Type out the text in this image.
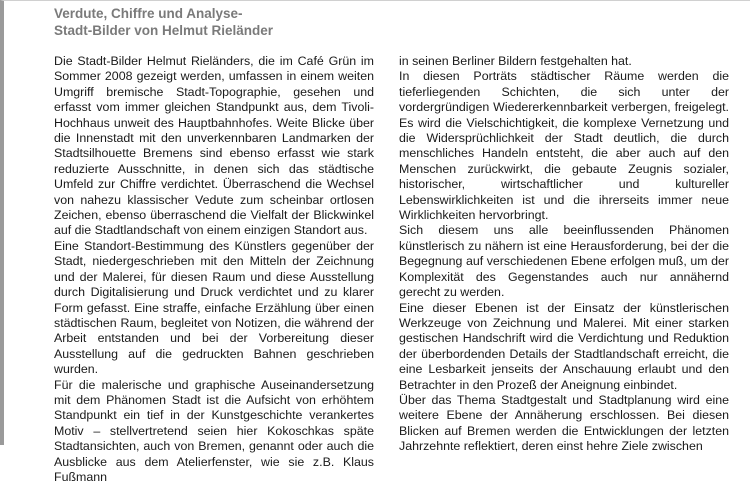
Verdute, Chiffre und Analyse-
Stadt-Bilder von Helmut Rieländer

Die Stadt-Bilder Helmut Rieländers, die im Café Grün im Sommer 2008 gezeigt werden, umfassen in einem weiten Umgriff bremische Stadt-Topographie, gesehen und erfasst vom immer gleichen Standpunkt aus, dem Tivoli-Hochhaus unweit des Hauptbahnhofes. Weite Blicke über die Innenstadt mit den unverkennbaren Landmarken der Stadtsilhouette Bremens sind ebenso erfasst wie stark reduzierte Ausschnitte, in denen sich das städtische Umfeld zur Chiffre verdichtet. Überraschend die Wechsel von nahezu klassischer Vedute zum scheinbar ortlosen Zeichen, ebenso überraschend die Vielfalt der Blickwinkel auf die Stadtlandschaft von einem einzigen Standort aus.

Eine Standort-Bestimmung des Künstlers gegenüber der Stadt, niedergeschrieben mit den Mitteln der Zeichnung und der Malerei, für diesen Raum und diese Ausstellung durch Digitalisierung und Druck verdichtet und zu klarer Form gefasst. Eine straffe, einfache Erzählung über einen städtischen Raum, begleitet von Notizen, die während der Arbeit entstanden und bei der Vorbereitung dieser Ausstellung auf die gedruckten Bahnen geschrieben wurden.

Für die malerische und graphische Auseinandersetzung mit dem Phänomen Stadt ist die Aufsicht von erhöhtem Standpunkt ein tief in der Kunstgeschichte verankertes Motiv – stellvertretend seien hier Kokoschkas späte Stadtansichten, auch von Bremen, genannt oder auch die Ausblicke aus dem Atelierfenster, wie sie z.B. Klaus Fußmann

in seinen Berliner Bildern festgehalten hat.

In diesen Porträts städtischer Räume werden die tieferliegenden Schichten, die sich unter der vordergründigen Wiedererkennbarkeit verbergen, freigelegt. Es wird die Vielschichtigkeit, die komplexe Vernetzung und die Widersprüchlichkeit der Stadt deutlich, die durch menschliches Handeln entsteht, die aber auch auf den Menschen zurückwirkt, die gebaute Zeugnis sozialer, historischer, wirtschaftlicher und kultureller Lebenswirklichkeiten ist und die ihrerseits immer neue Wirklichkeiten hervorbringt.

Sich diesem uns alle beeinflussenden Phänomen künstlerisch zu nähern ist eine Herausforderung, bei der die Begegnung auf verschiedenen Ebene erfolgen muß, um der Komplexität des Gegenstandes auch nur annähernd gerecht zu werden.

Eine dieser Ebenen ist der Einsatz der künstlerischen Werkzeuge von Zeichnung und Malerei. Mit einer starken gestischen Handschrift wird die Verdichtung und Reduktion der überbordenden Details der Stadtlandschaft erreicht, die eine Lesbarkeit jenseits der Anschauung erlaubt und den Betrachter in den Prozeß der Aneignung einbindet.

Über das Thema Stadtgestalt und Stadtplanung wird eine weitere Ebene der Annäherung erschlossen. Bei diesen Blicken auf Bremen werden die Entwicklungen der letzten Jahrzehnte reflektiert, deren einst hehre Ziele zwischen
